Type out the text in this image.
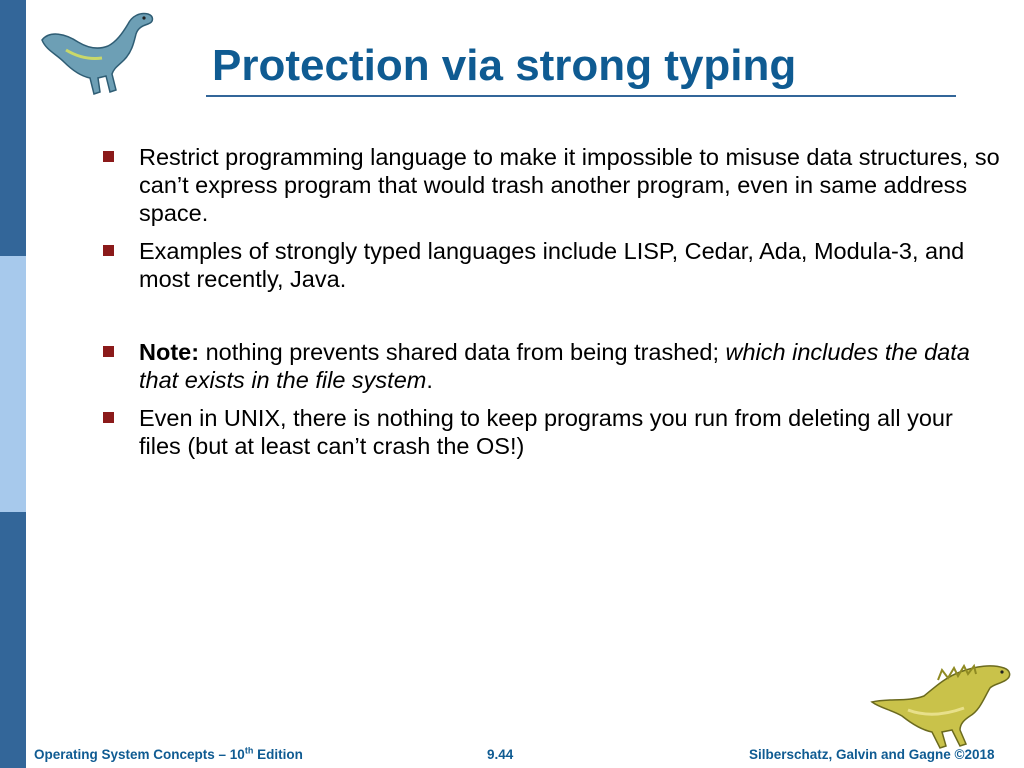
Protection via strong typing
Restrict programming language to make it impossible to misuse data structures, so can’t express program that would trash another program, even in same address space.
Examples of strongly typed languages include LISP, Cedar, Ada, Modula-3, and most recently, Java.
Note: nothing prevents shared data from being trashed; which includes the data that exists in the file system.
Even in UNIX, there is nothing to keep programs you run from deleting all your files (but at least can’t crash the OS!)
Operating System Concepts – 10th Edition	9.44	Silberschatz, Galvin and Gagne ©2018
